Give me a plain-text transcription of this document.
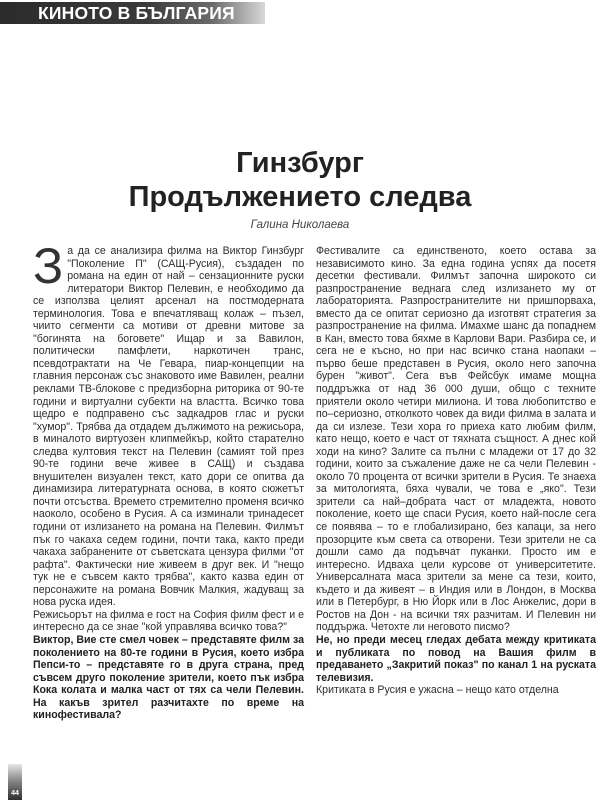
КИНОТО В БЪЛГАРИЯ
Гинзбург
Продължението следва
Галина Николаева

За да се анализира филма на Виктор Гинзбург "Поколение П" (САЩ-Русия), създаден по романа на един от най – сензационните руски литератори Виктор Пелевин, е необходимо да се използва целият арсенал на постмодерната терминология. Това е впечатляващ колаж – пъзел, чиито сегменти са мотиви от древни митове за "богинята на боговете" Ищар и за Вавилон, политически памфлети, наркотичен транс, псевдотрактати на Че Гевара, пиар-концепции на главния персонаж със знаковото име Вавилен, реални реклами ТВ-блокове с предизборна риторика от 90-те години и виртуални субекти на властта. Всичко това щедро е подправено със задкадров глас и руски "хумор". Трябва да отдадем дължимото на режисьора, в миналото виртуозен клипмейкър, който старателно следва култовия текст на Пелевин (самият той през 90-те години вече живее в САЩ) и създава внушителен визуален текст, като дори се опитва да динамизира литературната основа, в която сюжетът почти отсъства. Времето стремително променя всичко наоколо, особено в Русия. А са изминали тринадесет години от излизането на романа на Пелевин. Филмът пък го чакаха седем години, почти така, както преди чакаха забранените от съветската цензура филми "от рафта". Фактически ние живеем в друг век. И "нещо тук не е съвсем както трябва", както казва един от персонажите на романа Вовчик Малкия, жадуващ за нова руска идея.

Режисьорът на филма е гост на София филм фест и е интересно да се знае "кой управлява всичко това?"

Виктор, Вие сте смел човек – представяте филм за поколението на 80-те години в Русия, което избра Пепси-то – представяте го в друга страна, пред съвсем друго поколение зрители, което пък избра Кока колата и малка част от тях са чели Пелевин. На какъв зрител разчитахте по време на кинофестивала?

Фестивалите са единственото, което остава за независимото кино. За една година успях да посетя десетки фестивали. Филмът започна широкото си разпространение веднага след излизането му от лабораторията. Разпространителите ни пришпорваха, вместо да се опитат сериозно да изготвят стратегия за разпространение на филма. Имахме шанс да попаднем в Кан, вместо това бяхме в Карлови Вари. Разбира се, и сега не е късно, но при нас всичко стана наопаки – първо беше представен в Русия, около него започна бурен "живот". Сега във Фейсбук имаме мощна поддръжка от над 36 000 души, общо с техните приятели около четири милиона. И това любопитство е по–сериозно, отколкото човек да види филма в залата и да си излезе. Тези хора го приеха като любим филм, като нещо, което е част от тяхната същност. А днес кой ходи на кино? Залите са пълни с младежи от 17 до 32 години, които за съжаление даже не са чели Пелевин - около 70 процента от всички зрители в Русия. Те знаеха за митологията, бяха чували, че това е „яко". Тези зрители са най–добрата част от младежта, новото поколение, което ще спаси Русия, което най-после сега се появява – то е глобализирано, без капаци, за него прозорците към света са отворени. Тези зрители не са дошли само да подъвчат пуканки. Просто им е интересно. Идваха цели курсове от университетите. Универсалната маса зрители за мене са тези, които, където и да живеят – в Индия или в Лондон, в Москва или в Петербург, в Ню Йорк или в Лос Анжелис, дори в Ростов на Дон - на всички тях разчитам. И Пелевин ни поддържа. Четохте ли неговото писмо?

Не, но преди месец гледах дебата между критиката и публиката по повод на Вашия филм в предаването „Закритий показ" по канал 1 на руската телевизия.

Критиката в Русия е ужасна – нещо като отделна

44
